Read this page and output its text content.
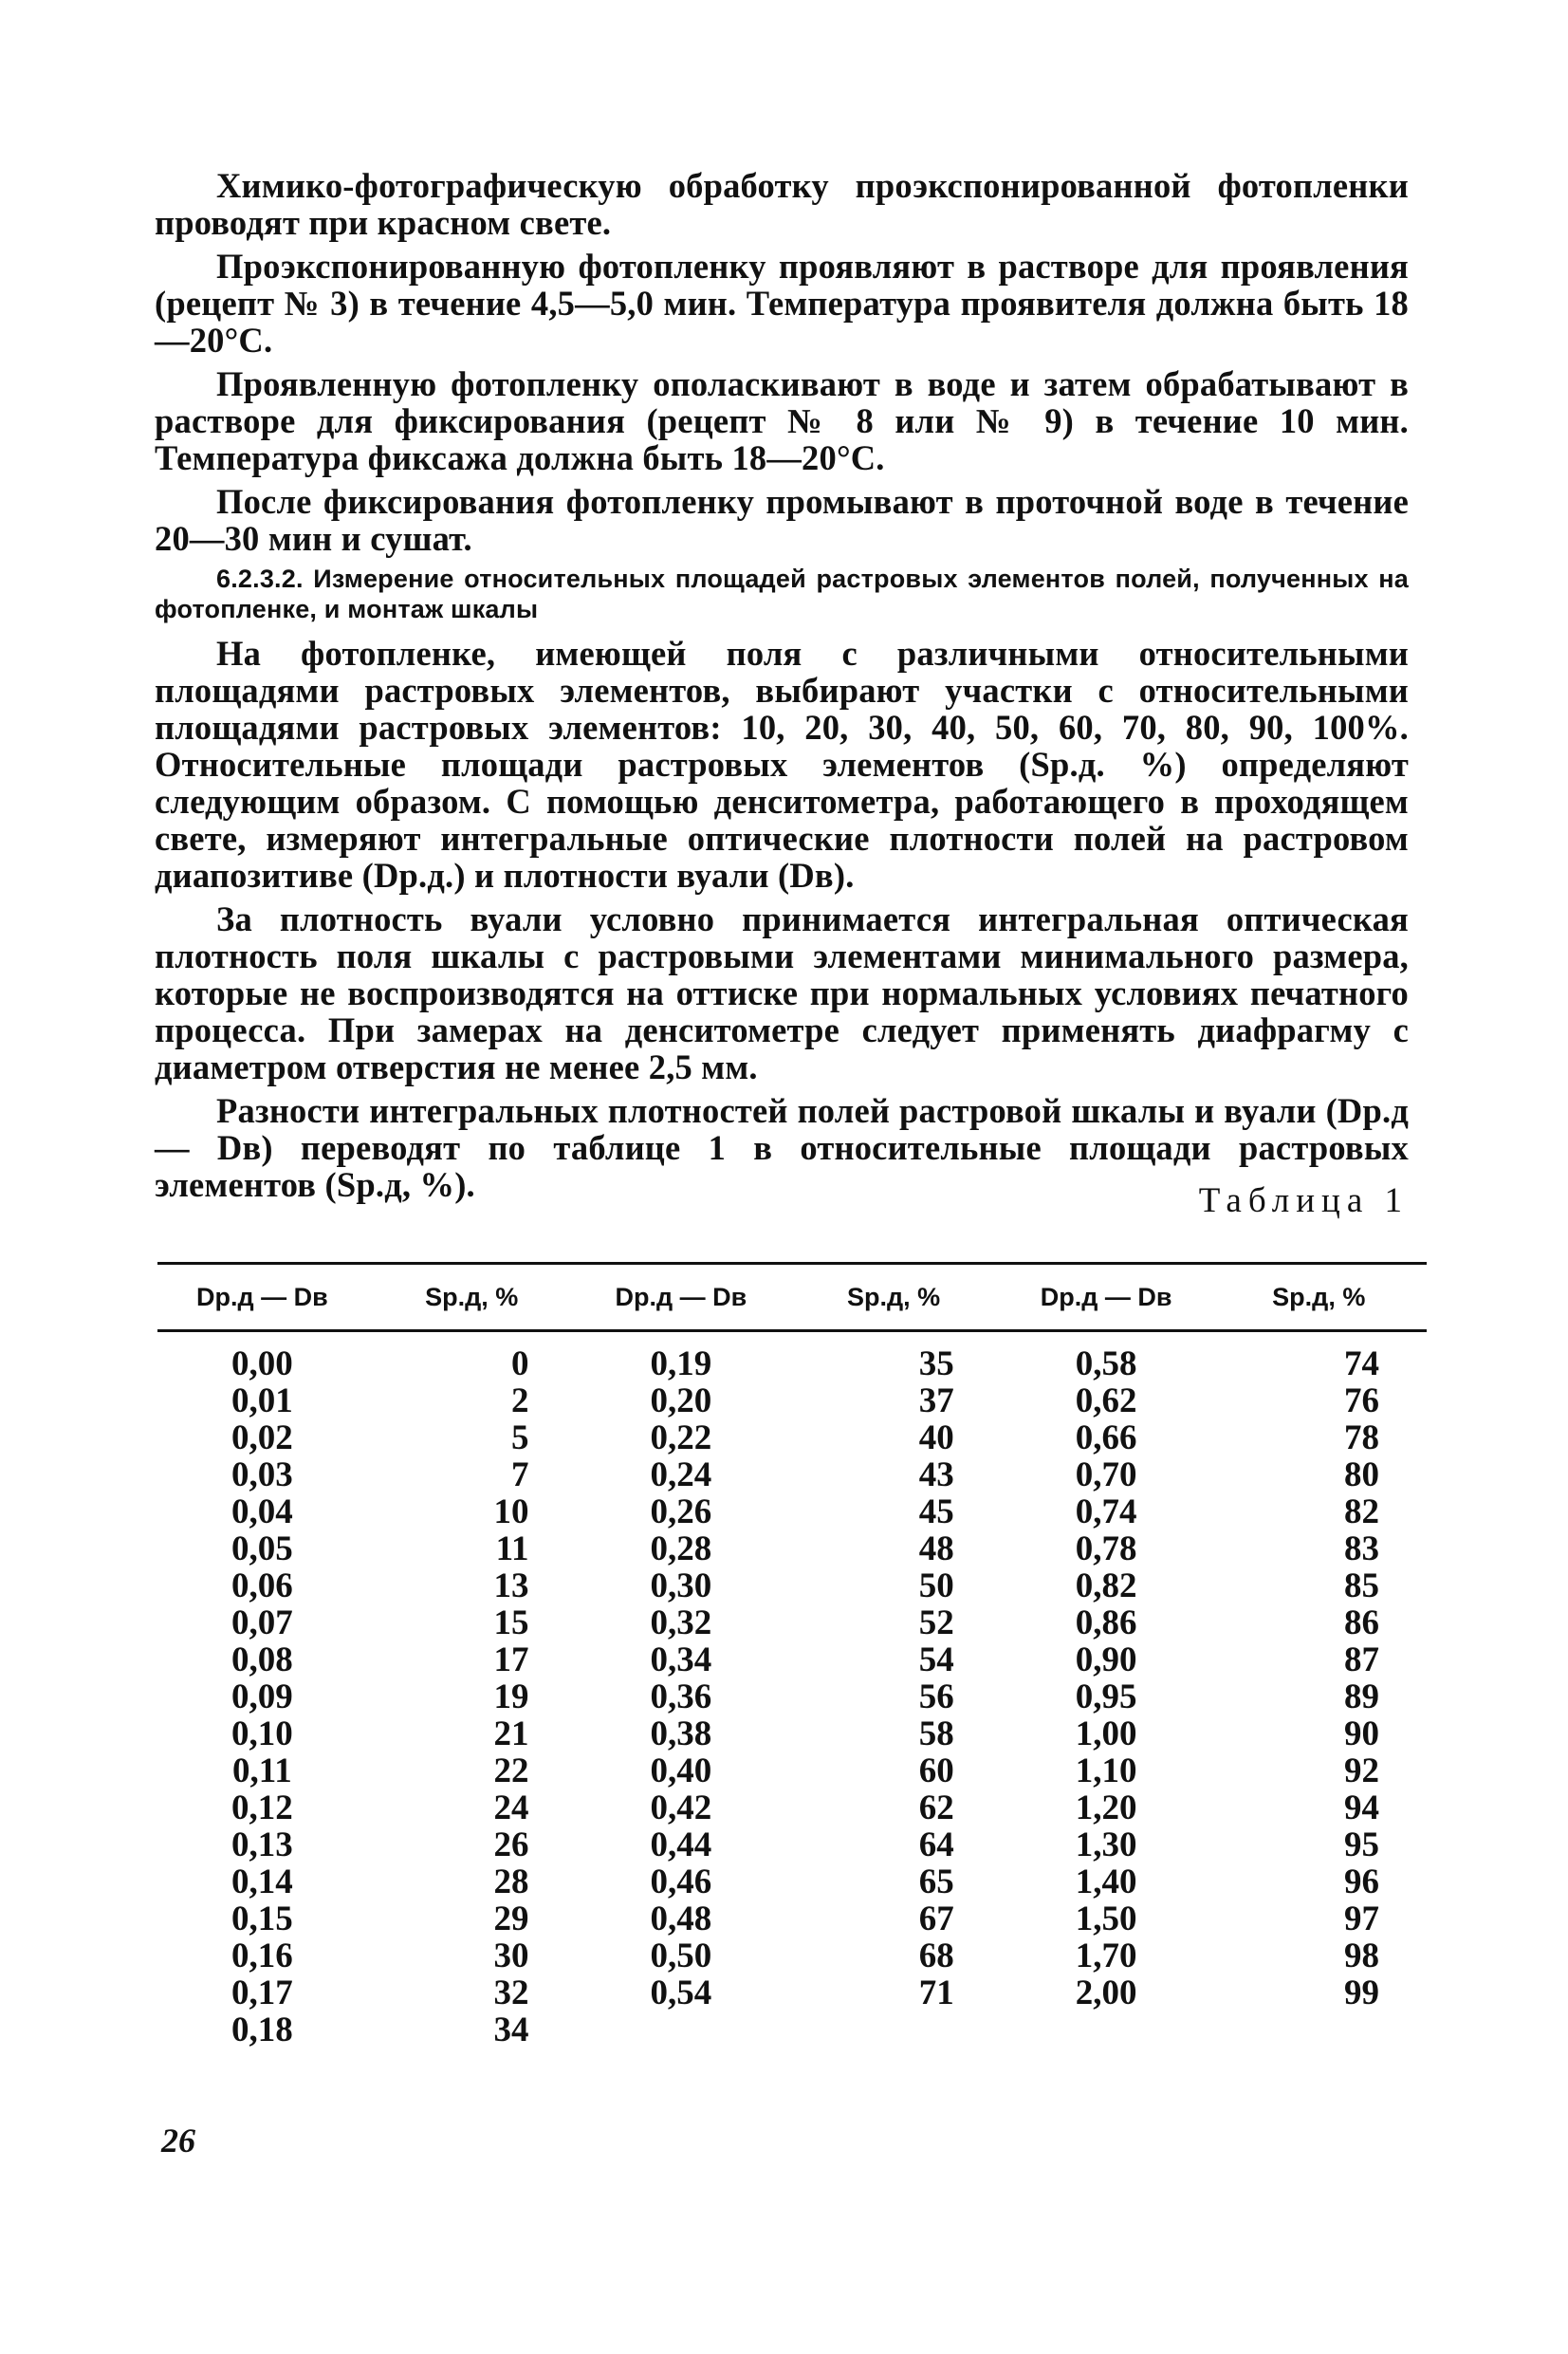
Химико-фотографическую обработку проэкспонированной фотопленки проводят при красном свете.

Проэкспонированную фотопленку проявляют в растворе для проявления (рецепт № 3) в течение 4,5—5,0 мин. Температура проявителя должна быть 18—20°С.

Проявленную фотопленку ополаскивают в воде и затем обрабатывают в растворе для фиксирования (рецепт № 8 или № 9) в течение 10 мин. Температура фиксажа должна быть 18—20°С.

После фиксирования фотопленку промывают в проточной воде в течение 20—30 мин и сушат.

6.2.3.2. Измерение относительных площадей растровых элементов полей, полученных на фотопленке, и монтаж шкалы

На фотопленке, имеющей поля с различными относительными площадями растровых элементов, выбирают участки с относительными площадями растровых элементов: 10, 20, 30, 40, 50, 60, 70, 80, 90, 100%. Относительные площади растровых элементов (Sр.д. %) определяют следующим образом. С помощью денситометра, работающего в проходящем свете, измеряют интегральные оптические плотности полей на растровом диапозитиве (Dр.д.) и плотности вуали (Dв).

За плотность вуали условно принимается интегральная оптическая плотность поля шкалы с растровыми элементами минимального размера, которые не воспроизводятся на оттиске при нормальных условиях печатного процесса. При замерах на денситометре следует применять диафрагму с диаметром отверстия не менее 2,5 мм.

Разности интегральных плотностей полей растровой шкалы и вуали (Dр.д — Dв) переводят по таблице 1 в относительные площади растровых элементов (Sр.д, %).	Таблица 1
Dр.д — Dв	Sр.д, %	Dр.д — Dв	Sр.д, %	Dр.д — Dв	Sр.д, %
0,00	0	0,19	35	0,58	74
0,01	2	0,20	37	0,62	76
0,02	5	0,22	40	0,66	78
0,03	7	0,24	43	0,70	80
0,04	10	0,26	45	0,74	82
0,05	11	0,28	48	0,78	83
0,06	13	0,30	50	0,82	85
0,07	15	0,32	52	0,86	86
0,08	17	0,34	54	0,90	87
0,09	19	0,36	56	0,95	89
0,10	21	0,38	58	1,00	90
0,11	22	0,40	60	1,10	92
0,12	24	0,42	62	1,20	94
0,13	26	0,44	64	1,30	95
0,14	28	0,46	65	1,40	96
0,15	29	0,48	67	1,50	97
0,16	30	0,50	68	1,70	98
0,17	32	0,54	71	2,00	99
0,18	34				
26
